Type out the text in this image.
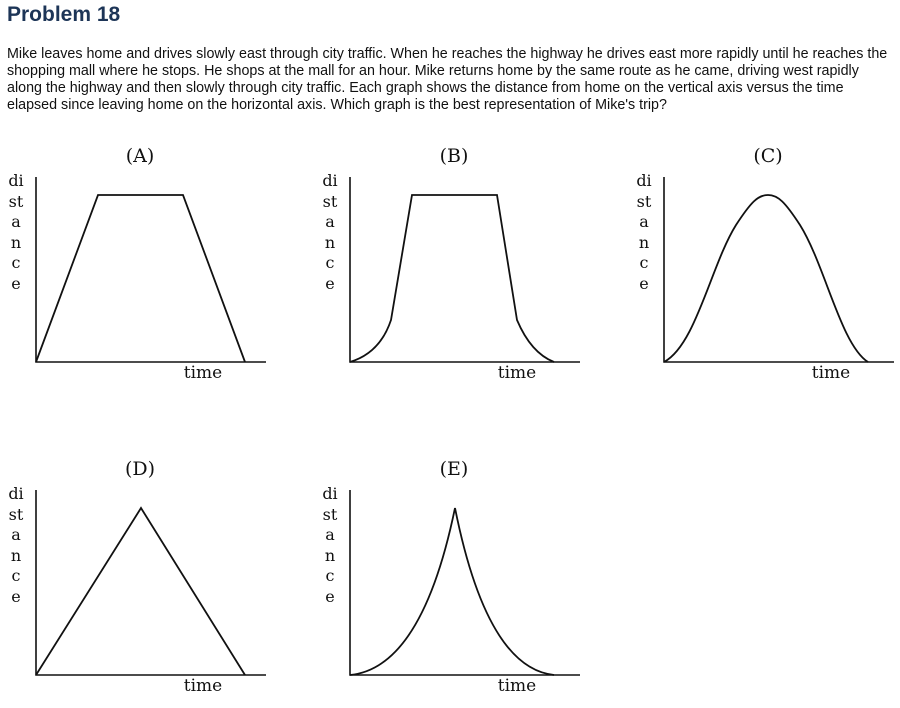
Problem 18

Mike leaves home and drives slowly east through city traffic. When he reaches the highway he drives east more rapidly until he reaches the shopping mall where he stops. He shops at the mall for an hour. Mike returns home by the same route as he came, driving west rapidly along the highway and then slowly through city traffic. Each graph shows the distance from home on the vertical axis versus the time elapsed since leaving home on the horizontal axis. Which graph is the best representation of Mike's trip?

(A)
distance
time
(B)
distance
time
(C)
distance
time
(D)
distance
time
(E)
distance
time
